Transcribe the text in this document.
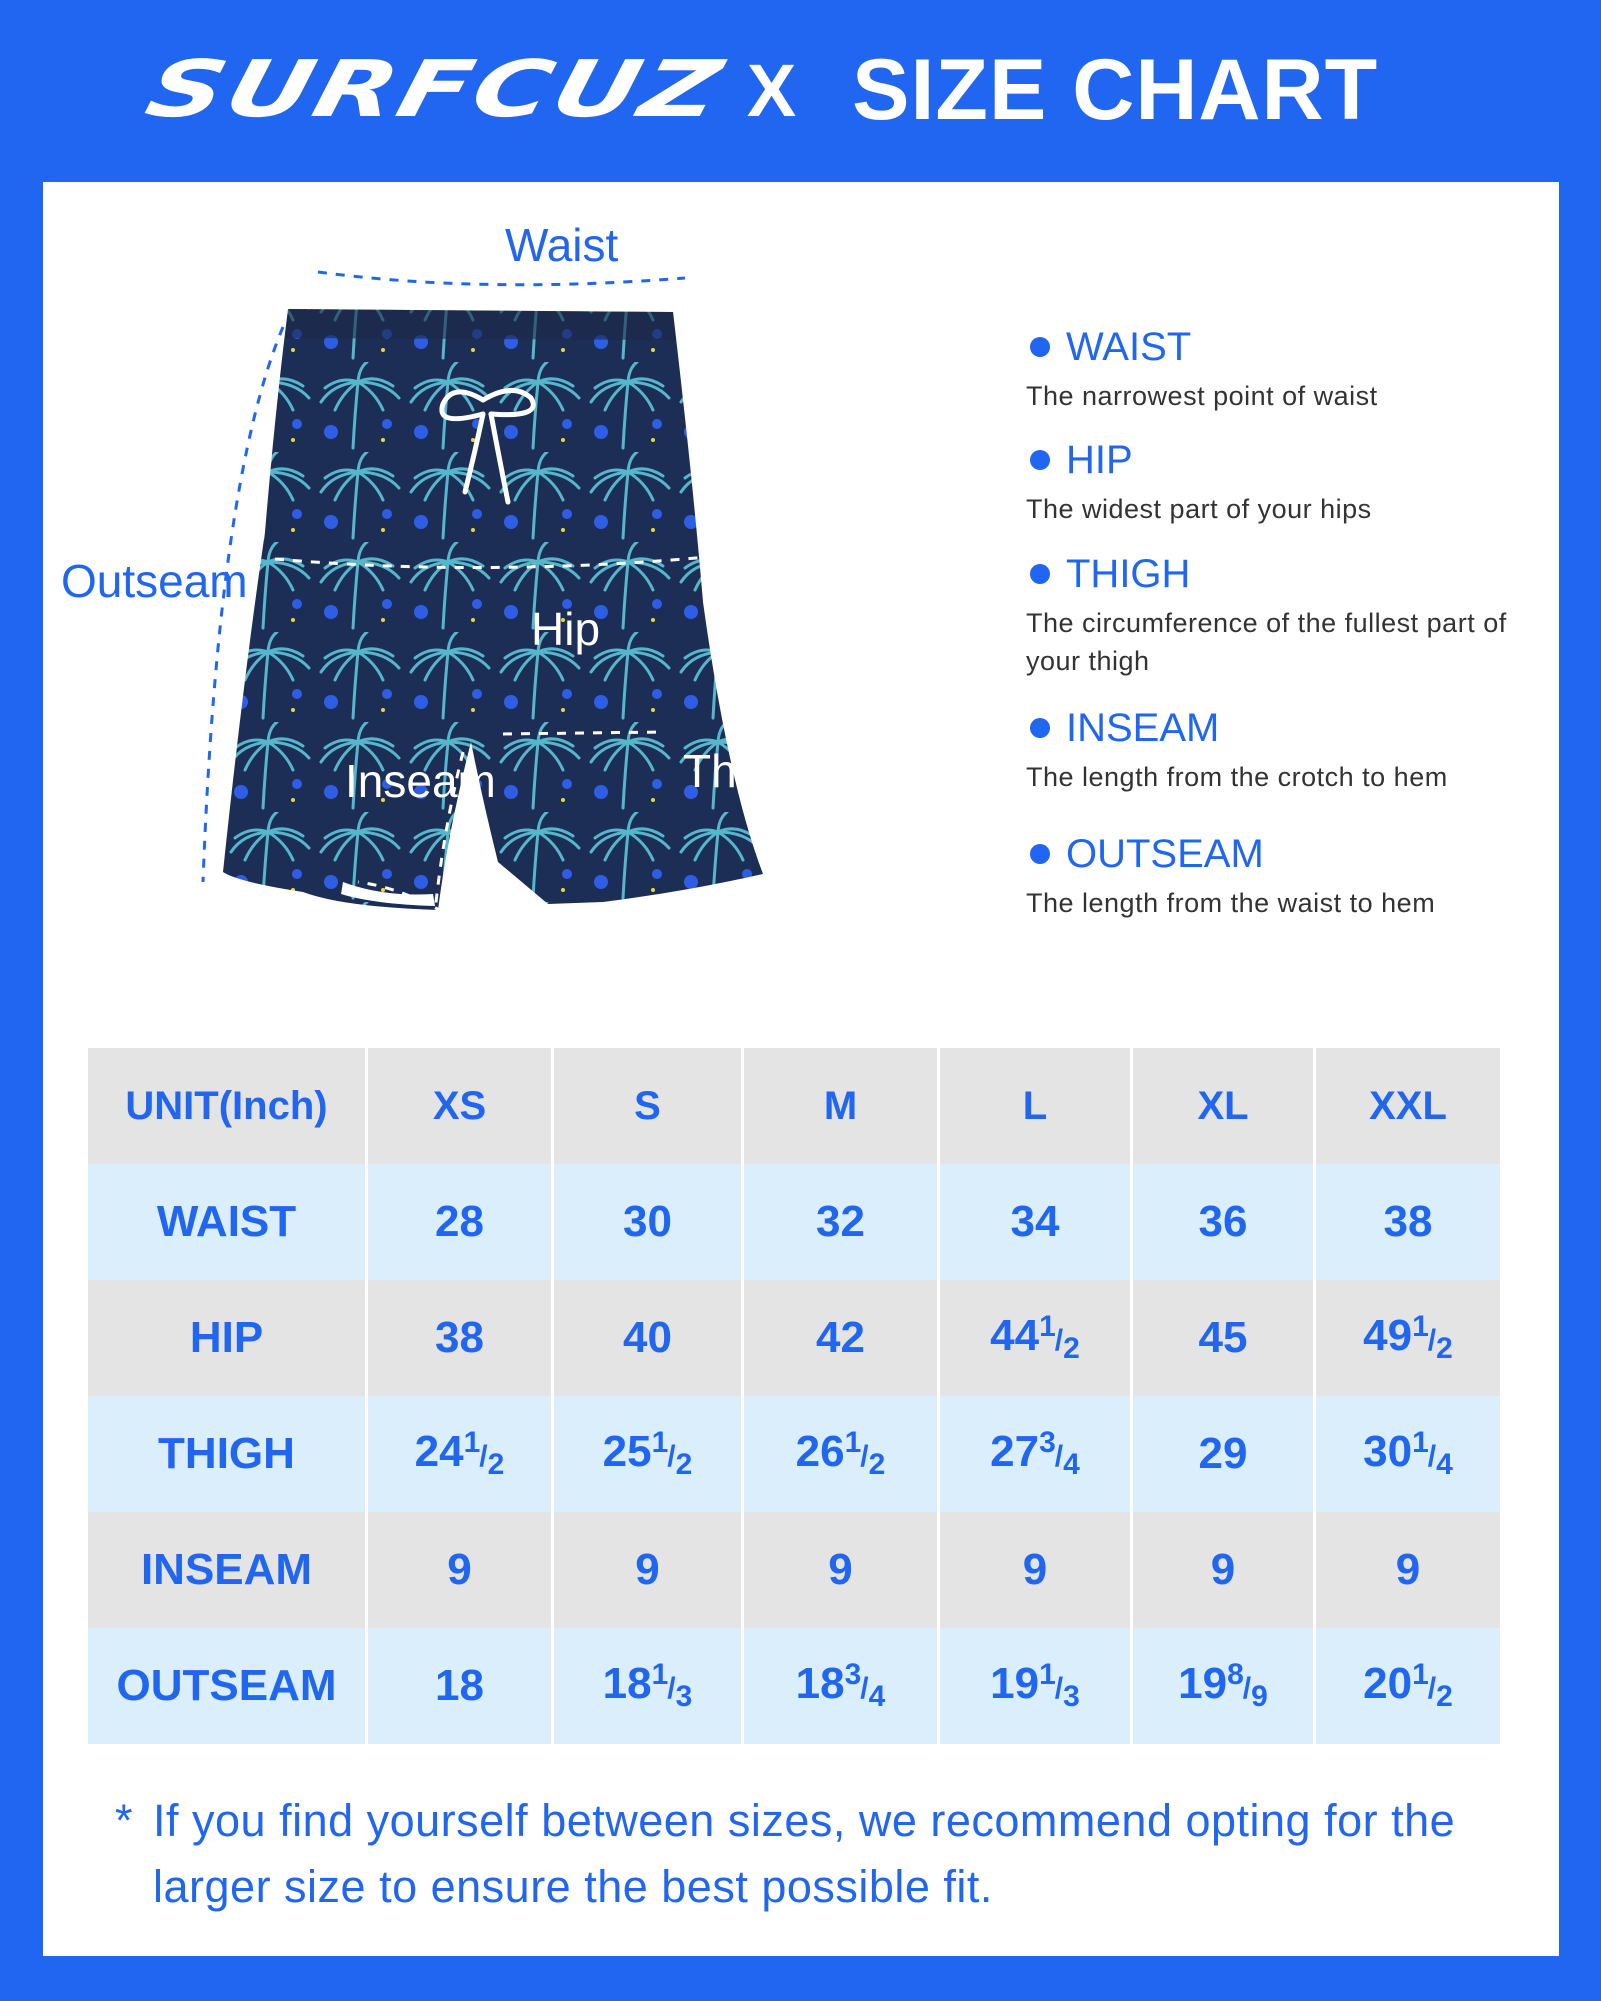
SURFCUZ X SIZE CHART
Waist
Outseam
Hip
Inseam	Thigh
WAIST
The narrowest point of waist
HIP
The widest part of your hips
THIGH
The circumference of the fullest part of your thigh
INSEAM
The length from the crotch to hem
OUTSEAM
The length from the waist to hem
UNIT(Inch)	XS	S	M	L	XL	XXL
WAIST	28	30	32	34	36	38
HIP	38	40	42	$44^1/_2$	45	$49^1/_2$
THIGH	$24^1/_2$	$25^1/_2$	$26^1/_2$	$27^3/_4$	29	$30^1/_4$
INSEAM	9	9	9	9	9	9
OUTSEAM	18	$18^1/_3$	$18^3/_4$	$19^1/_3$	$19^8/_9$	$20^1/_2$
* If you find yourself between sizes, we recommend opting for the larger size to ensure the best possible fit.
